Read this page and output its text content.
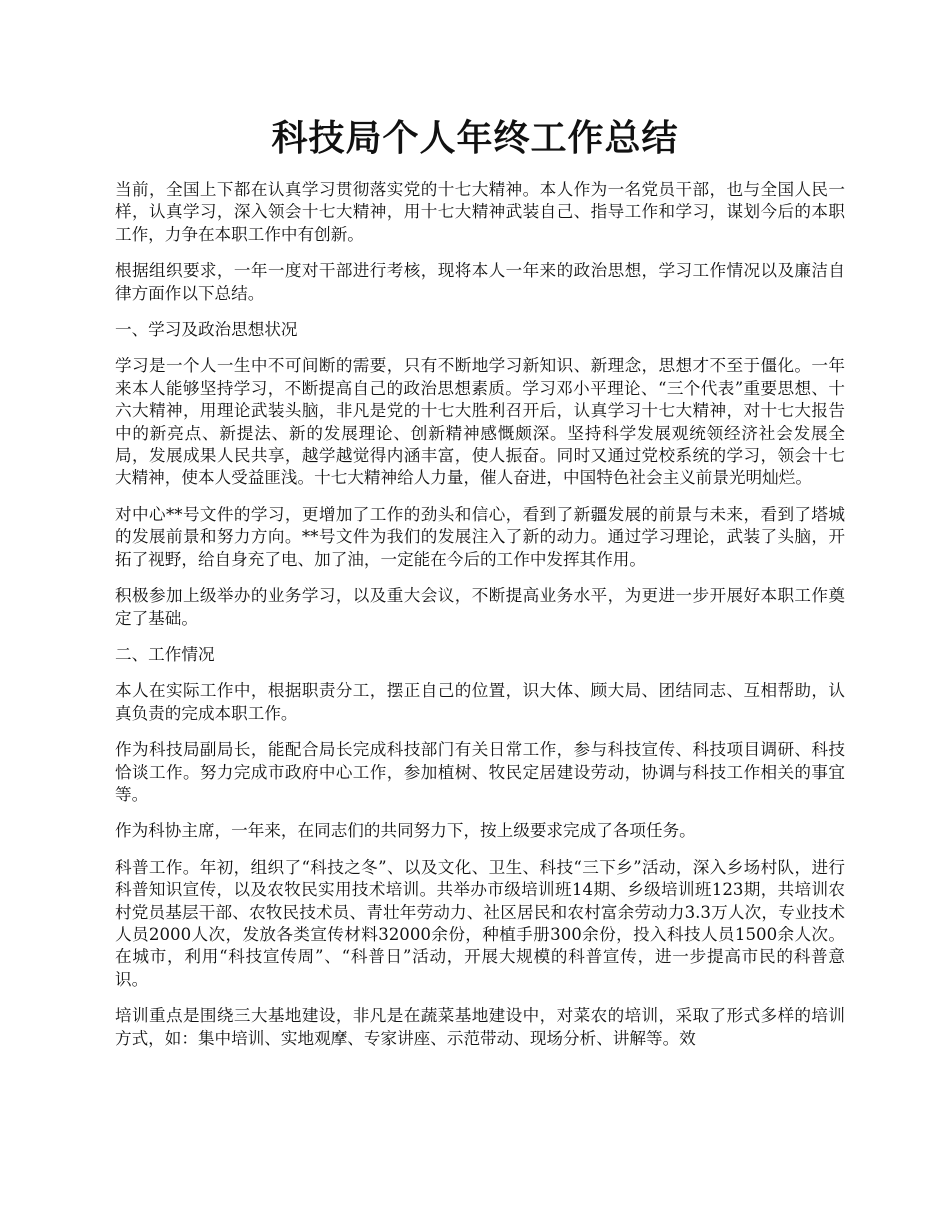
科技局个人年终工作总结

当前，全国上下都在认真学习贯彻落实党的十七大精神。本人作为一名党员干部，也与全国人民一样，认真学习，深入领会十七大精神，用十七大精神武装自己、指导工作和学习，谋划今后的本职工作，力争在本职工作中有创新。

根据组织要求，一年一度对干部进行考核，现将本人一年来的政治思想，学习工作情况以及廉洁自律方面作以下总结。

一、学习及政治思想状况

学习是一个人一生中不可间断的需要，只有不断地学习新知识、新理念，思想才不至于僵化。一年来本人能够坚持学习，不断提高自己的政治思想素质。学习邓小平理论、“三个代表”重要思想、十六大精神，用理论武装头脑，非凡是党的十七大胜利召开后，认真学习十七大精神，对十七大报告中的新亮点、新提法、新的发展理论、创新精神感慨颇深。坚持科学发展观统领经济社会发展全局，发展成果人民共享，越学越觉得内涵丰富，使人振奋。同时又通过党校系统的学习，领会十七大精神，使本人受益匪浅。十七大精神给人力量，催人奋进，中国特色社会主义前景光明灿烂。

对中心**号文件的学习，更增加了工作的劲头和信心，看到了新疆发展的前景与未来，看到了塔城的发展前景和努力方向。**号文件为我们的发展注入了新的动力。通过学习理论，武装了头脑，开拓了视野，给自身充了电、加了油，一定能在今后的工作中发挥其作用。

积极参加上级举办的业务学习，以及重大会议，不断提高业务水平，为更进一步开展好本职工作奠定了基础。

二、工作情况

本人在实际工作中，根据职责分工，摆正自己的位置，识大体、顾大局、团结同志、互相帮助，认真负责的完成本职工作。

作为科技局副局长，能配合局长完成科技部门有关日常工作，参与科技宣传、科技项目调研、科技恰谈工作。努力完成市政府中心工作，参加植树、牧民定居建设劳动，协调与科技工作相关的事宜等。

作为科协主席，一年来，在同志们的共同努力下，按上级要求完成了各项任务。

科普工作。年初，组织了“科技之冬”、以及文化、卫生、科技“三下乡”活动，深入乡场村队，进行科普知识宣传，以及农牧民实用技术培训。共举办市级培训班14期、乡级培训班123期，共培训农村党员基层干部、农牧民技术员、青壮年劳动力、社区居民和农村富余劳动力3.3万人次，专业技术人员2000人次，发放各类宣传材料32000余份，种植手册300余份，投入科技人员1500余人次。在城市，利用“科技宣传周”、“科普日”活动，开展大规模的科普宣传，进一步提高市民的科普意识。

培训重点是围绕三大基地建设，非凡是在蔬菜基地建设中，对菜农的培训，采取了形式多样的培训方式，如：集中培训、实地观摩、专家讲座、示范带动、现场分析、讲解等。效
